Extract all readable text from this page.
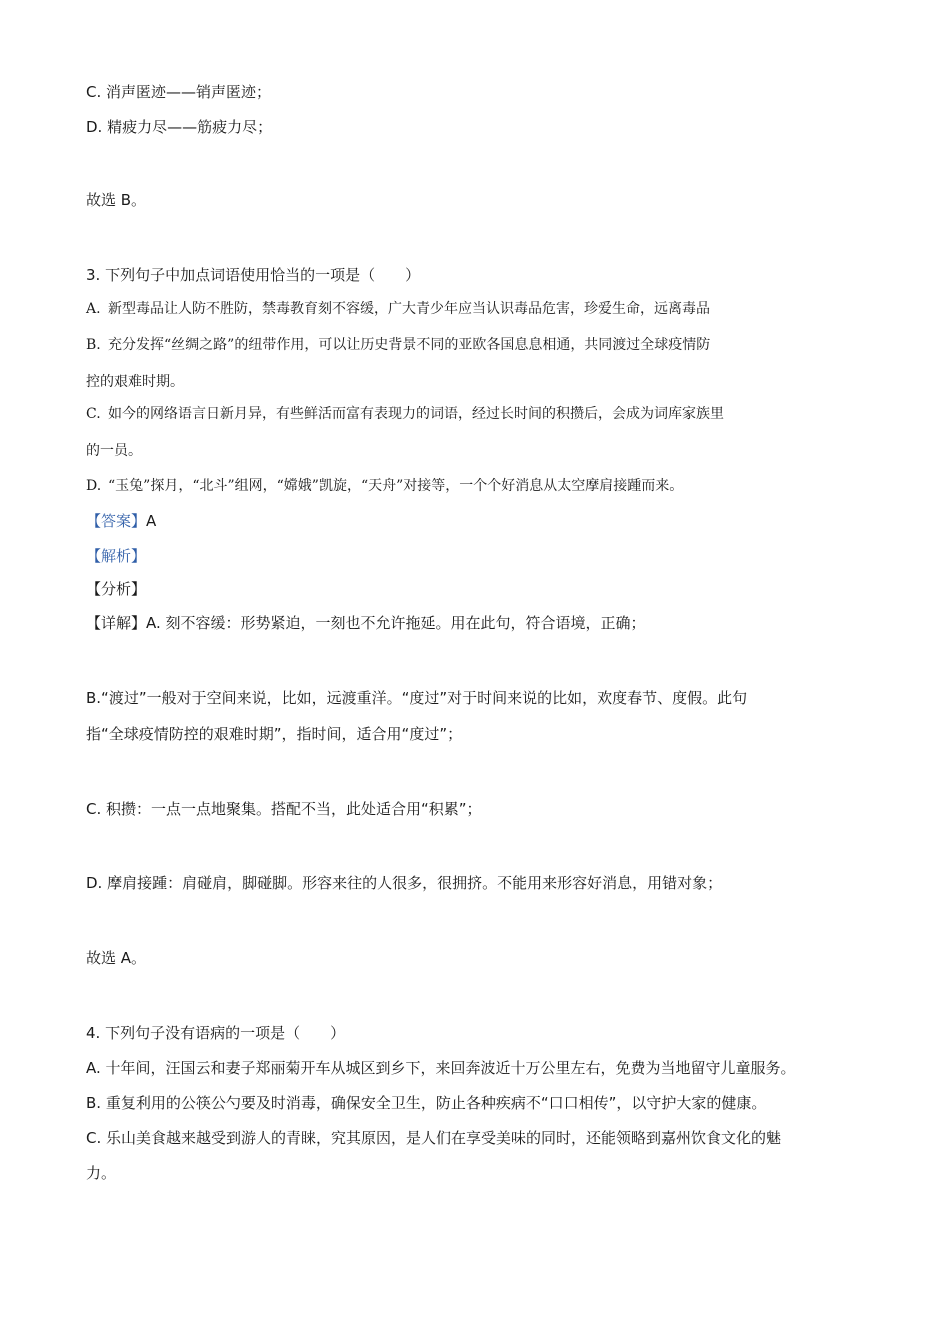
C. 消声匿迹——销声匿迹；
D. 精疲力尽——筋疲力尽；
故选 B。
3. 下列句子中加点词语使用恰当的一项是（　　）
A. 新型毒品让人防不胜防，禁毒教育刻不容缓，广大青少年应当认识毒品危害，珍爱生命，远离毒品
B. 充分发挥“丝绸之路”的纽带作用，可以让历史背景不同的亚欧各国息息相通，共同渡过全球疫情防
控的艰难时期。
C. 如今的网络语言日新月异，有些鲜活而富有表现力的词语，经过长时间的积攒后，会成为词库家族里
的一员。
D. “玉兔”探月，“北斗”组网，“嫦娥”凯旋，“天舟”对接等，一个个好消息从太空摩肩接踵而来。
【答案】A
【解析】
【分析】
【详解】A. 刻不容缓：形势紧迫，一刻也不允许拖延。用在此句，符合语境，正确；
B.“渡过”一般对于空间来说，比如，远渡重洋。“度过”对于时间来说的比如，欢度春节、度假。此句
指“全球疫情防控的艰难时期”，指时间，适合用“度过”；
C. 积攒：一点一点地聚集。搭配不当，此处适合用“积累”；
D. 摩肩接踵：肩碰肩，脚碰脚。形容来往的人很多，很拥挤。不能用来形容好消息，用错对象；
故选 A。
4. 下列句子没有语病的一项是（　　）
A. 十年间，汪国云和妻子郑丽菊开车从城区到乡下，来回奔波近十万公里左右，免费为当地留守儿童服务。
B. 重复利用的公筷公勺要及时消毒，确保安全卫生，防止各种疾病不“口口相传”，以守护大家的健康。
C. 乐山美食越来越受到游人的青睐，究其原因，是人们在享受美味的同时，还能领略到嘉州饮食文化的魅
力。
